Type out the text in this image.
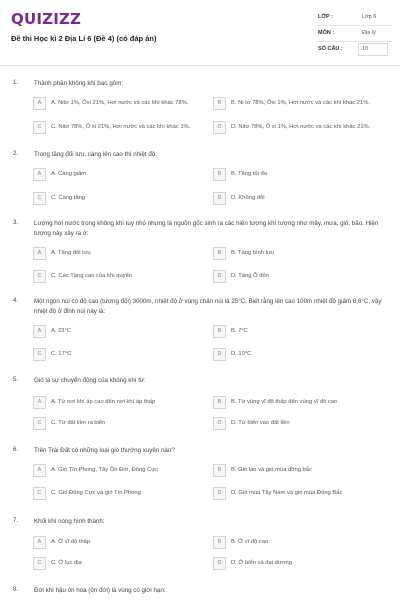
QUIZIZZ
Đề thi Học kì 2 Địa Lí 6 (Đề 4) (có đáp án)
LỚP :	Lớp 6
MÔN :	Địa lý
SỐ CÂU :	10
1.	Thành phần không khí bao gồm:
A	A. Nitơ 1%, Ôxi 21%, Hơi nước và các khí khác 78%.	B	B. Ni tơ 78%, Ôxi 1%, Hơi nước và các khí khác 21%.
C	C. Nitơ 78%, Ô xi 21%, Hơi nước và các khí khác 1%.	D	D. Nitơ 78%, Ô xi 1%, Hơi nước và các khí khác 21%.
2.	Trong tầng đối lưu, càng lên cao thì nhiệt độ:
A	A. Càng giảm	B	B. Tăng tối đa
C	C. Càng tăng	D	D. Không đổi
3.	Lượng hơi nước trong không khí tuy nhỏ nhưng là nguồn gốc sinh ra các hiện tượng khí tượng như mây, mưa, gió, bão. Hiện tượng này xảy ra ở:
A	A. Tầng đối lưu	B	B. Tầng bình lưu
C	C. Các Tầng cao của khí quyển	D	D. Tầng Ô dôn
4.	Một ngọn núi có độ cao (tương đối) 3000m, nhiệt độ ở vùng chân núi là 25°C. Biết rằng lên cao 100m nhiệt độ giảm 0,6°C, vậy nhiệt độ ở đỉnh núi này là:
A	A. 23°C	B	B. 7°C
C	C. 17°C	D	D. 10°C
5.	Gió là sự chuyển động của không khí từ:
A	A. Từ nơi khí áp cao đến nơi khí áp thấp	B	B. Từ vùng vĩ độ thấp đến vùng vĩ độ cao
C	C. Từ đất liền ra biển	D	D. Từ biển vào đất liền
6.	Trên Trái Đất có những loại gió thường xuyên nào?
A	A. Gió Tín Phong, Tây Ôn Đới, Đông Cực	B	B. Gió lào và gió mùa đông bắc
C	C. Gió Đông Cực và gió Tín Phong	D	D. Gió mùa Tây Nam và gió mùa Đông Bắc
7.	Khối khí nóng hình thành:
A	A. Ở vĩ độ thấp	B	B. Ở vĩ độ cao
C	C. Ở lục địa	D	D. Ở biển và đại dương
8.	Đới khí hậu ôn hoà (ôn đới) là vùng có giới hạn:
